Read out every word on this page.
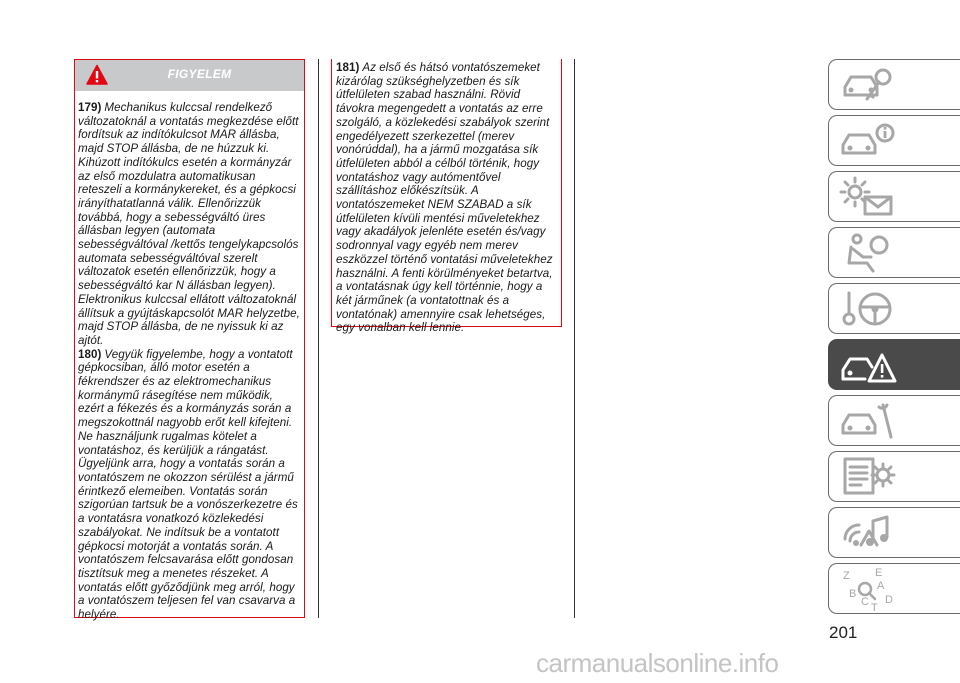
FIGYELEM

179) Mechanikus kulccsal rendelkező változatoknál a vontatás megkezdése előtt fordítsuk az indítókulcsot MAR állásba, majd STOP állásba, de ne húzzuk ki. Kihúzott indítókulcs esetén a kormányzár az első mozdulatra automatikusan reteszeli a kormánykereket, és a gépkocsi irányíthatatlanná válik. Ellenőrizzük továbbá, hogy a sebességváltó üres állásban legyen (automata sebességváltóval /kettős tengelykapcsolós automata sebességváltóval szerelt változatok esetén ellenőrizzük, hogy a sebességváltó kar N állásban legyen). Elektronikus kulccsal ellátott változatoknál állítsuk a gyújtáskapcsolót MAR helyzetbe, majd STOP állásba, de ne nyissuk ki az ajtót.

180) Vegyük figyelembe, hogy a vontatott gépkocsiban, álló motor esetén a fékrendszer és az elektromechanikus kormánymű rásegítése nem működik, ezért a fékezés és a kormányzás során a megszokottnál nagyobb erőt kell kifejteni. Ne használjunk rugalmas kötelet a vontatáshoz, és kerüljük a rángatást. Ügyeljünk arra, hogy a vontatás során a vontatószem ne okozzon sérülést a jármű érintkező elemeiben. Vontatás során szigorúan tartsuk be a vonószerkezetre és a vontatásra vonatkozó közlekedési szabályokat. Ne indítsuk be a vontatott gépkocsi motorját a vontatás során. A vontatószem felcsavarása előtt gondosan tisztítsuk meg a menetes részeket. A vontatás előtt győződjünk meg arról, hogy a vontatószem teljesen fel van csavarva a helyére.

181) Az első és hátsó vontatószemeket kizárólag szükséghelyzetben és sík útfelületen szabad használni. Rövid távokra megengedett a vontatás az erre szolgáló, a közlekedési szabályok szerint engedélyezett szerkezettel (merev vonórúddal), ha a jármű mozgatása sík útfelületen abból a célból történik, hogy vontatáshoz vagy autómentővel szállításhoz előkészítsük. A vontatószemeket NEM SZABAD a sík útfelületen kívüli mentési műveletekhez vagy akadályok jelenléte esetén és/vagy sodronnyal vagy egyéb nem merev eszközzel történő vontatási műveletekhez használni. A fenti körülményeket betartva, a vontatásnak úgy kell történnie, hogy a két járműnek (a vontatottnak és a vontatónak) amennyire csak lehetséges, egy vonalban kell lennie.

Z E
A
B
C T
D
201
carmanualsonline.info
